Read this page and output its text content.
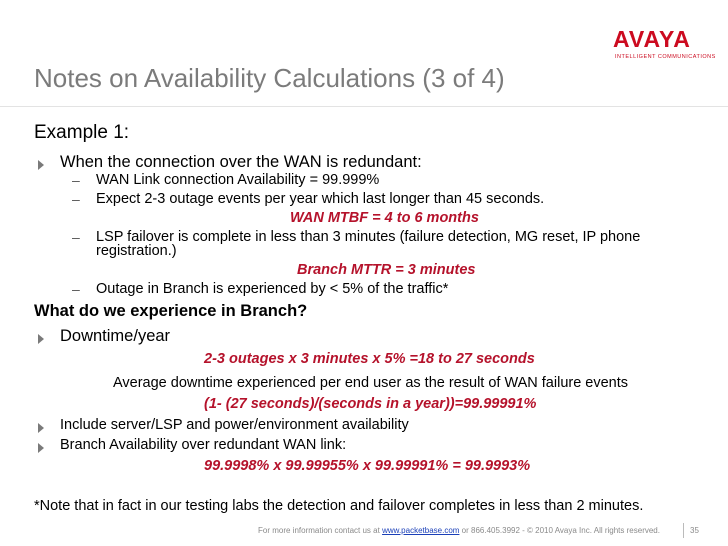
AVAYA
INTELLIGENT COMMUNICATIONS
Notes on Availability Calculations (3 of 4)
Example 1:
When the connection over the WAN is redundant:
– WAN Link connection Availability = 99.999%
– Expect 2-3 outage events per year which last longer than 45 seconds.
WAN MTBF = 4 to 6 months
– LSP failover is complete in less than 3 minutes (failure detection, MG reset, IP phone
registration.)
Branch MTTR = 3 minutes
– Outage in Branch is experienced by < 5% of the traffic*
What do we experience in Branch?
Downtime/year
2-3 outages x 3 minutes x 5% =18 to 27 seconds
Average downtime experienced per end user as the result of WAN failure events
(1- (27 seconds)/(seconds in a year))=99.99991%
Include server/LSP and power/environment availability
Branch Availability over redundant WAN link:
99.9998% x 99.99955% x 99.99991% = 99.9993%
*Note that in fact in our testing labs the detection and failover completes in less than 2 minutes.
For more information contact us at www.packetbase.com or 866.405.3992 - © 2010 Avaya Inc. All rights reserved.	35
